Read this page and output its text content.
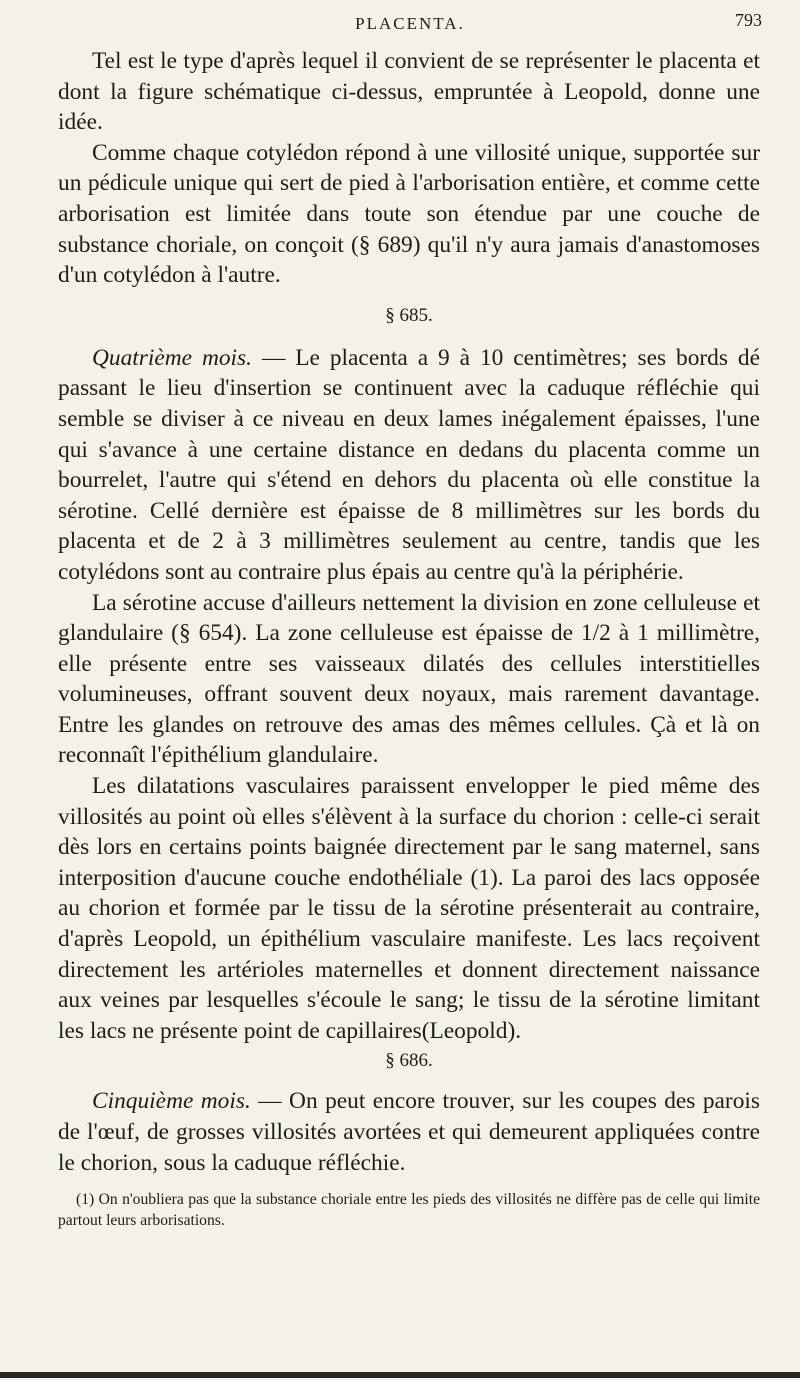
PLACENTA.	793

Tel est le type d'après lequel il convient de se représenter le placenta et dont la figure schématique ci-dessus, empruntée à Leopold, donne une idée.

Comme chaque cotylédon répond à une villosité unique, supportée sur un pédicule unique qui sert de pied à l'arborisation entière, et comme cette arborisation est limitée dans toute son étendue par une couche de substance choriale, on conçoit (§ 689) qu'il n'y aura jamais d'anastomoses d'un cotylédon à l'autre.

§ 685.

Quatrième mois. — Le placenta a 9 à 10 centimètres; ses bords dé passant le lieu d'insertion se continuent avec la caduque réfléchie qui semble se diviser à ce niveau en deux lames inégalement épaisses, l'une qui s'avance à une certaine distance en dedans du placenta comme un bourrelet, l'autre qui s'étend en dehors du placenta où elle constitue la sérotine. Cellé dernière est épaisse de 8 millimètres sur les bords du placenta et de 2 à 3 millimètres seulement au centre, tandis que les cotylédons sont au contraire plus épais au centre qu'à la périphérie.

La sérotine accuse d'ailleurs nettement la division en zone celluleuse et glandulaire (§ 654). La zone celluleuse est épaisse de 1/2 à 1 millimètre, elle présente entre ses vaisseaux dilatés des cellules interstitielles volumineuses, offrant souvent deux noyaux, mais rarement davantage. Entre les glandes on retrouve des amas des mêmes cellules. Çà et là on reconnaît l'épithélium glandulaire.

Les dilatations vasculaires paraissent envelopper le pied même des villosités au point où elles s'élèvent à la surface du chorion : celle-ci serait dès lors en certains points baignée directement par le sang maternel, sans interposition d'aucune couche endothéliale (1). La paroi des lacs opposée au chorion et formée par le tissu de la sérotine présenterait au contraire, d'après Leopold, un épithélium vasculaire manifeste. Les lacs reçoivent directement les artérioles maternelles et donnent directement naissance aux veines par lesquelles s'écoule le sang; le tissu de la sérotine limitant les lacs ne présente point de capillaires(Leopold).

§ 686.

Cinquième mois. — On peut encore trouver, sur les coupes des parois de l'œuf, de grosses villosités avortées et qui demeurent appliquées contre le chorion, sous la caduque réfléchie.

(1) On n'oubliera pas que la substance choriale entre les pieds des villosités ne diffère pas de celle qui limite partout leurs arborisations.
